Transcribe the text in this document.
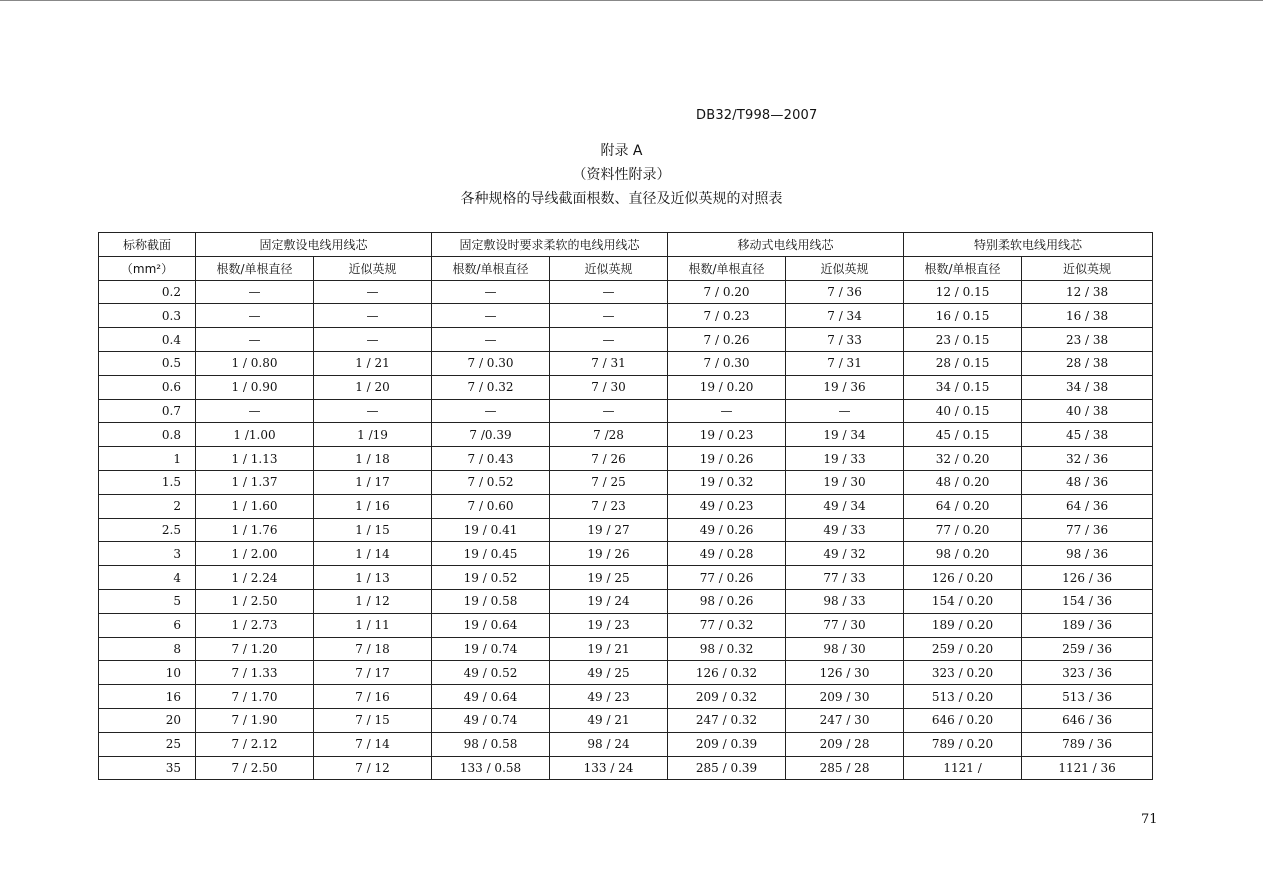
DB32/T998—2007
附录 A
（资料性附录）
各种规格的导线截面根数、直径及近似英规的对照表
标称截面	固定敷设电线用线芯		固定敷设时要求柔软的电线用线芯		移动式电线用线芯		特别柔软电线用线芯	
（mm²）	根数/单根直径	近似英规	根数/单根直径	近似英规	根数/单根直径	近似英规	根数/单根直径	近似英规
0.2	—	—	—	—	7 / 0.20	7 / 36	12 / 0.15	12 / 38
0.3	—	—	—	—	7 / 0.23	7 / 34	16 / 0.15	16 / 38
0.4	—	—	—	—	7 / 0.26	7 / 33	23 / 0.15	23 / 38
0.5	1 / 0.80	1 / 21	7 / 0.30	7 / 31	7 / 0.30	7 / 31	28 / 0.15	28 / 38
0.6	1 / 0.90	1 / 20	7 / 0.32	7 / 30	19 / 0.20	19 / 36	34 / 0.15	34 / 38
0.7	—	—	—	—	—	—	40 / 0.15	40 / 38
0.8	1 /1.00	1 /19	7 /0.39	7 /28	19 / 0.23	19 / 34	45 / 0.15	45 / 38
1	1 / 1.13	1 / 18	7 / 0.43	7 / 26	19 / 0.26	19 / 33	32 / 0.20	32 / 36
1.5	1 / 1.37	1 / 17	7 / 0.52	7 / 25	19 / 0.32	19 / 30	48 / 0.20	48 / 36
2	1 / 1.60	1 / 16	7 / 0.60	7 / 23	49 / 0.23	49 / 34	64 / 0.20	64 / 36
2.5	1 / 1.76	1 / 15	19 / 0.41	19 / 27	49 / 0.26	49 / 33	77 / 0.20	77 / 36
3	1 / 2.00	1 / 14	19 / 0.45	19 / 26	49 / 0.28	49 / 32	98 / 0.20	98 / 36
4	1 / 2.24	1 / 13	19 / 0.52	19 / 25	77 / 0.26	77 / 33	126 / 0.20	126 / 36
5	1 / 2.50	1 / 12	19 / 0.58	19 / 24	98 / 0.26	98 / 33	154 / 0.20	154 / 36
6	1 / 2.73	1 / 11	19 / 0.64	19 / 23	77 / 0.32	77 / 30	189 / 0.20	189 / 36
8	7 / 1.20	7 / 18	19 / 0.74	19 / 21	98 / 0.32	98 / 30	259 / 0.20	259 / 36
10	7 / 1.33	7 / 17	49 / 0.52	49 / 25	126 / 0.32	126 / 30	323 / 0.20	323 / 36
16	7 / 1.70	7 / 16	49 / 0.64	49 / 23	209 / 0.32	209 / 30	513 / 0.20	513 / 36
20	7 / 1.90	7 / 15	49 / 0.74	49 / 21	247 / 0.32	247 / 30	646 / 0.20	646 / 36
25	7 / 2.12	7 / 14	98 / 0.58	98 / 24	209 / 0.39	209 / 28	789 / 0.20	789 / 36
35	7 / 2.50	7 / 12	133 / 0.58	133 / 24	285 / 0.39	285 / 28	1121 /	1121 / 36
71
